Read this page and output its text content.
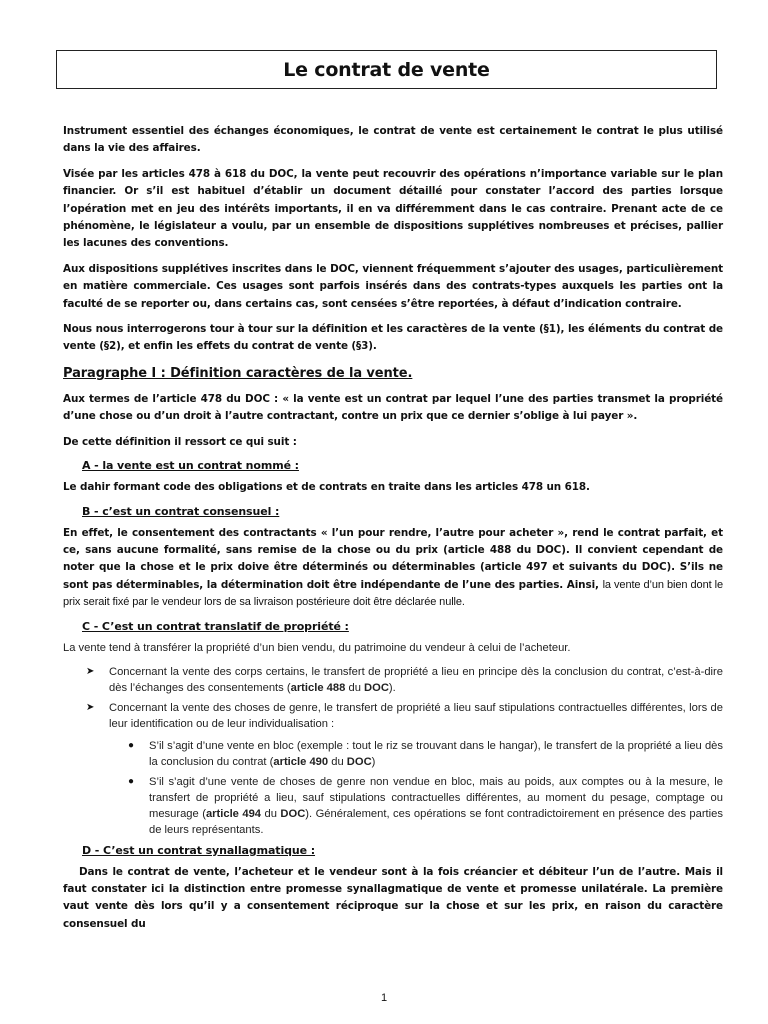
Le contrat de vente

Instrument essentiel des échanges économiques, le contrat de vente est certainement le contrat le plus utilisé dans la vie des affaires.

Visée par les articles 478 à 618 du DOC, la vente peut recouvrir des opérations n’importance variable sur le plan financier. Or s’il est habituel d’établir un document détaillé pour constater l’accord des parties lorsque l’opération met en jeu des intérêts importants, il en va différemment dans le cas contraire. Prenant acte de ce phénomène, le législateur a voulu, par un ensemble de dispositions supplétives nombreuses et précises, pallier les lacunes des conventions.

Aux dispositions supplétives inscrites dans le DOC, viennent fréquemment s’ajouter des usages, particulièrement en matière commerciale. Ces usages sont parfois insérés dans des contrats-types auxquels les parties ont la faculté de se reporter ou, dans certains cas, sont censées s’être reportées, à défaut d’indication contraire.

Nous nous interrogerons tour à tour sur la définition et les caractères de la vente (§1), les éléments du contrat de vente (§2), et enfin les effets du contrat de vente (§3).

Paragraphe I : Définition caractères de la vente.

Aux termes de l’article 478 du DOC : « la vente est un contrat par lequel l’une des parties transmet la propriété d’une chose ou d’un droit à l’autre contractant, contre un prix que ce dernier s’oblige à lui payer ».

De cette définition il ressort ce qui suit :

A - la vente est un contrat nommé :

Le dahir formant code des obligations et de contrats en traite dans les articles 478 un 618.

B - c’est un contrat consensuel :

En effet, le consentement des contractants « l’un pour rendre, l’autre pour acheter », rend le contrat parfait, et ce, sans aucune formalité, sans remise de la chose ou du prix (article 488 du DOC). Il convient cependant de noter que la chose et le prix doive être déterminés ou déterminables (article 497 et suivants du DOC). S’ils ne sont pas déterminables, la détermination doit être indépendante de l’une des parties. Ainsi, la vente d’un bien dont le prix serait fixé par le vendeur lors de sa livraison postérieure doit être déclarée nulle.

C - C’est un contrat translatif de propriété :

La vente tend à transférer la propriété d’un bien vendu, du patrimoine du vendeur à celui de l’acheteur.

➤ Concernant la vente des corps certains, le transfert de propriété a lieu en principe dès la conclusion du contrat, c’est-à-dire dès l’échanges des consentements (article 488 du DOC).
➤ Concernant la vente des choses de genre, le transfert de propriété a lieu sauf stipulations contractuelles différentes, lors de leur identification ou de leur individualisation :
● S’il s’agit d’une vente en bloc (exemple : tout le riz se trouvant dans le hangar), le transfert de la propriété a lieu dès la conclusion du contrat (article 490 du DOC)
● S’il s’agit d’une vente de choses de genre non vendue en bloc, mais au poids, aux comptes ou à la mesure, le transfert de propriété a lieu, sauf stipulations contractuelles différentes, au moment du pesage, comptage ou mesurage (article 494 du DOC). Généralement, ces opérations se font contradictoirement en présence des parties de leurs représentants.
D - C’est un contrat synallagmatique :

Dans le contrat de vente, l’acheteur et le vendeur sont à la fois créancier et débiteur l’un de l’autre. Mais il faut constater ici la distinction entre promesse synallagmatique de vente et promesse unilatérale. La première vaut vente dès lors qu’il y a consentement réciproque sur la chose et sur les prix, en raison du caractère consensuel du

1
